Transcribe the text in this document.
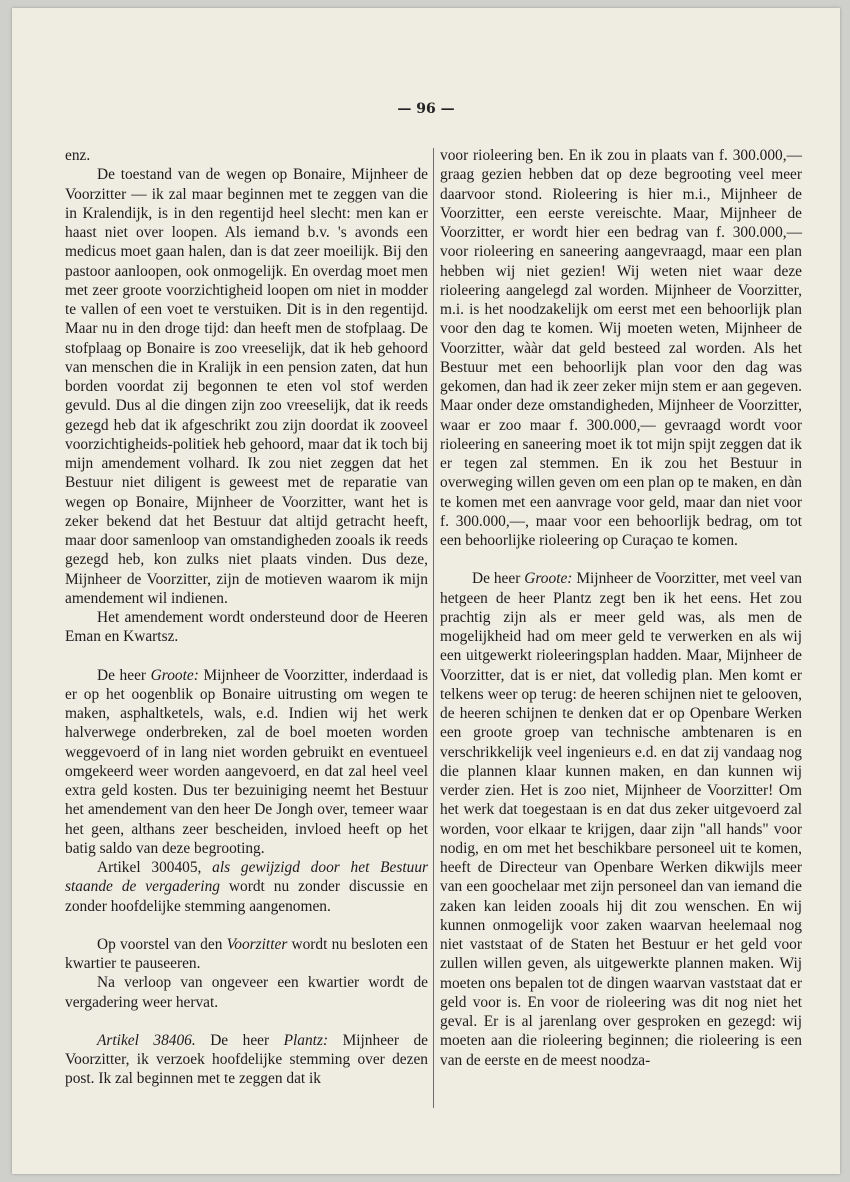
— 96 —

enz.

De toestand van de wegen op Bonaire, Mijnheer de Voorzitter — ik zal maar beginnen met te zeggen van die in Kralendijk, is in den regentijd heel slecht: men kan er haast niet over loopen. Als iemand b.v. 's avonds een medicus moet gaan halen, dan is dat zeer moeilijk. Bij den pastoor aanloopen, ook onmogelijk. En overdag moet men met zeer groote voorzichtigheid loopen om niet in modder te vallen of een voet te verstuiken. Dit is in den regentijd. Maar nu in den droge tijd: dan heeft men de stofplaag. De stofplaag op Bonaire is zoo vreeselijk, dat ik heb gehoord van menschen die in Kralijk in een pension zaten, dat hun borden voordat zij begonnen te eten vol stof werden gevuld. Dus al die dingen zijn zoo vreeselijk, dat ik reeds gezegd heb dat ik afgeschrikt zou zijn doordat ik zooveel voorzichtigheids-politiek heb gehoord, maar dat ik toch bij mijn amendement volhard. Ik zou niet zeggen dat het Bestuur niet diligent is geweest met de reparatie van wegen op Bonaire, Mijnheer de Voorzitter, want het is zeker bekend dat het Bestuur dat altijd getracht heeft, maar door samenloop van omstandigheden zooals ik reeds gezegd heb, kon zulks niet plaats vinden. Dus deze, Mijnheer de Voorzitter, zijn de motieven waarom ik mijn amendement wil indienen.

Het amendement wordt ondersteund door de Heeren Eman en Kwartsz.

De heer Groote: Mijnheer de Voorzitter, inderdaad is er op het oogenblik op Bonaire uitrusting om wegen te maken, asphaltketels, wals, e.d. Indien wij het werk halverwege onderbreken, zal de boel moeten worden weggevoerd of in lang niet worden gebruikt en eventueel omgekeerd weer worden aangevoerd, en dat zal heel veel extra geld kosten. Dus ter bezuiniging neemt het Bestuur het amendement van den heer De Jongh over, temeer waar het geen, althans zeer bescheiden, invloed heeft op het batig saldo van deze begrooting.

Artikel 300405, als gewijzigd door het Bestuur staande de vergadering wordt nu zonder discussie en zonder hoofdelijke stemming aangenomen.

Op voorstel van den Voorzitter wordt nu besloten een kwartier te pauseeren.

Na verloop van ongeveer een kwartier wordt de vergadering weer hervat.

Artikel 38406. De heer Plantz: Mijnheer de Voorzitter, ik verzoek hoofdelijke stemming over dezen post. Ik zal beginnen met te zeggen dat ik

voor rioleering ben. En ik zou in plaats van f. 300.000,— graag gezien hebben dat op deze begrooting veel meer daarvoor stond. Rioleering is hier m.i., Mijnheer de Voorzitter, een eerste vereischte. Maar, Mijnheer de Voorzitter, er wordt hier een bedrag van f. 300.000,— voor rioleering en saneering aangevraagd, maar een plan hebben wij niet gezien! Wij weten niet waar deze rioleering aangelegd zal worden. Mijnheer de Voorzitter, m.i. is het noodzakelijk om eerst met een behoorlijk plan voor den dag te komen. Wij moeten weten, Mijnheer de Voorzitter, wààr dat geld besteed zal worden. Als het Bestuur met een behoorlijk plan voor den dag was gekomen, dan had ik zeer zeker mijn stem er aan gegeven. Maar onder deze omstandigheden, Mijnheer de Voorzitter, waar er zoo maar f. 300.000,— gevraagd wordt voor rioleering en saneering moet ik tot mijn spijt zeggen dat ik er tegen zal stemmen. En ik zou het Bestuur in overweging willen geven om een plan op te maken, en dàn te komen met een aanvrage voor geld, maar dan niet voor f. 300.000,—, maar voor een behoorlijk bedrag, om tot een behoorlijke rioleering op Curaçao te komen.

De heer Groote: Mijnheer de Voorzitter, met veel van hetgeen de heer Plantz zegt ben ik het eens. Het zou prachtig zijn als er meer geld was, als men de mogelijkheid had om meer geld te verwerken en als wij een uitgewerkt rioleeringsplan hadden. Maar, Mijnheer de Voorzitter, dat is er niet, dat volledig plan. Men komt er telkens weer op terug: de heeren schijnen niet te gelooven, de heeren schijnen te denken dat er op Openbare Werken een groote groep van technische ambtenaren is en verschrikkelijk veel ingenieurs e.d. en dat zij vandaag nog die plannen klaar kunnen maken, en dan kunnen wij verder zien. Het is zoo niet, Mijnheer de Voorzitter! Om het werk dat toegestaan is en dat dus zeker uitgevoerd zal worden, voor elkaar te krijgen, daar zijn "all hands" voor nodig, en om met het beschikbare personeel uit te komen, heeft de Directeur van Openbare Werken dikwijls meer van een goochelaar met zijn personeel dan van iemand die zaken kan leiden zooals hij dit zou wenschen. En wij kunnen onmogelijk voor zaken waarvan heelemaal nog niet vaststaat of de Staten het Bestuur er het geld voor zullen willen geven, als uitgewerkte plannen maken. Wij moeten ons bepalen tot de dingen waarvan vaststaat dat er geld voor is. En voor de rioleering was dit nog niet het geval. Er is al jarenlang over gesproken en gezegd: wij moeten aan die rioleering beginnen; die rioleering is een van de eerste en de meest noodza-
